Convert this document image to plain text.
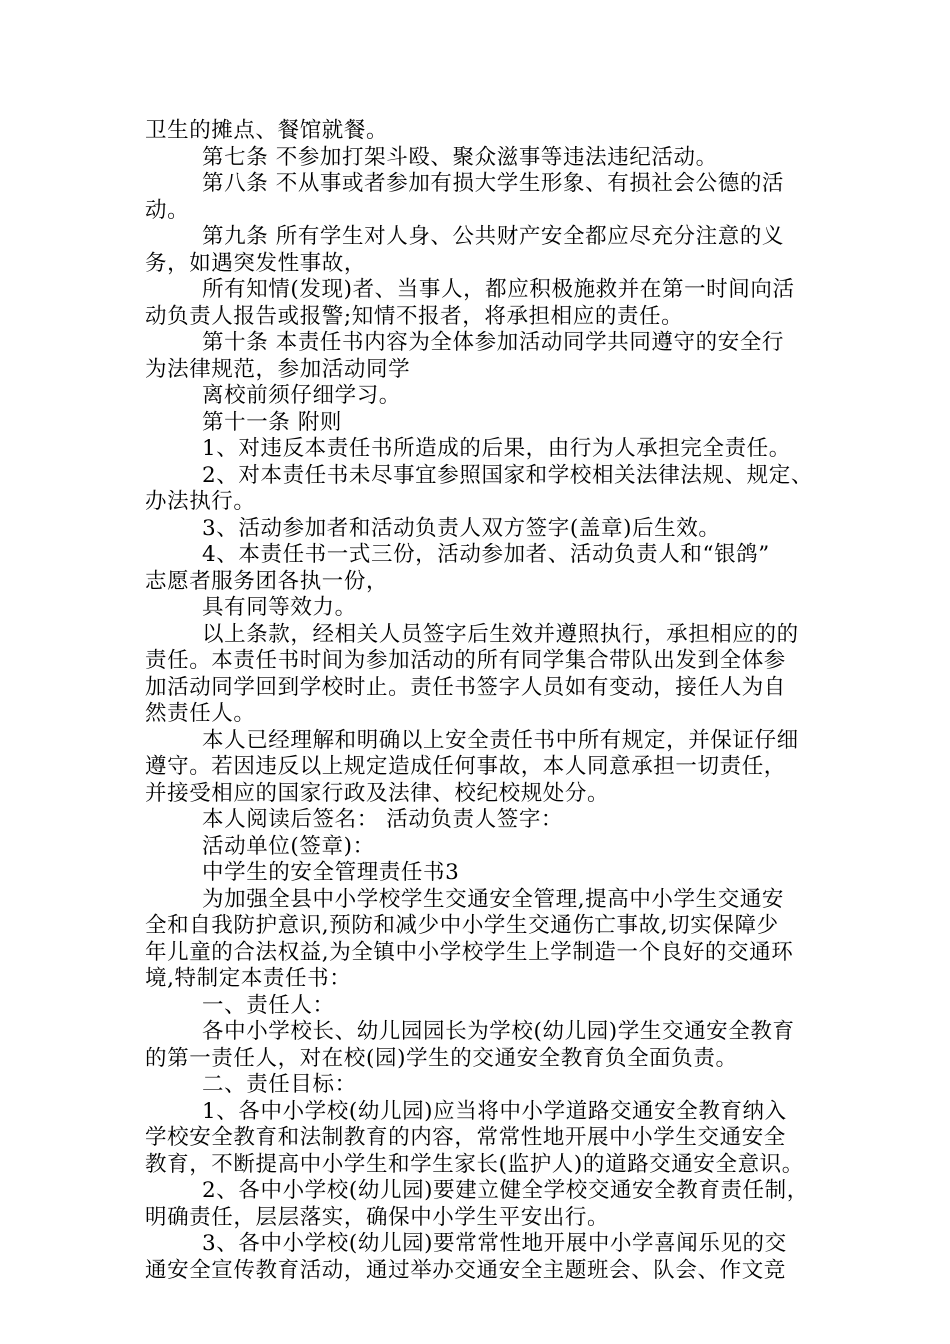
卫生的摊点、餐馆就餐。
第七条 不参加打架斗殴、聚众滋事等违法违纪活动。
第八条 不从事或者参加有损大学生形象、有损社会公德的活
动。
第九条 所有学生对人身、公共财产安全都应尽充分注意的义
务，如遇突发性事故，
所有知情(发现)者、当事人，都应积极施救并在第一时间向活
动负责人报告或报警;知情不报者，将承担相应的责任。
第十条 本责任书内容为全体参加活动同学共同遵守的安全行
为法律规范，参加活动同学
离校前须仔细学习。
第十一条 附则
1、对违反本责任书所造成的后果，由行为人承担完全责任。
2、对本责任书未尽事宜参照国家和学校相关法律法规、规定、
办法执行。
3、活动参加者和活动负责人双方签字(盖章)后生效。
4、本责任书一式三份，活动参加者、活动负责人和“银鸽”
志愿者服务团各执一份，
具有同等效力。
以上条款，经相关人员签字后生效并遵照执行，承担相应的的
责任。本责任书时间为参加活动的所有同学集合带队出发到全体参
加活动同学回到学校时止。责任书签字人员如有变动，接任人为自
然责任人。
本人已经理解和明确以上安全责任书中所有规定，并保证仔细
遵守。若因违反以上规定造成任何事故，本人同意承担一切责任，
并接受相应的国家行政及法律、校纪校规处分。
本人阅读后签名： 活动负责人签字：
活动单位(签章)：
中学生的安全管理责任书3
为加强全县中小学校学生交通安全管理,提高中小学生交通安
全和自我防护意识,预防和减少中小学生交通伤亡事故,切实保障少
年儿童的合法权益,为全镇中小学校学生上学制造一个良好的交通环
境,特制定本责任书：
一、责任人：
各中小学校长、幼儿园园长为学校(幼儿园)学生交通安全教育
的第一责任人，对在校(园)学生的交通安全教育负全面负责。
二、责任目标：
1、各中小学校(幼儿园)应当将中小学道路交通安全教育纳入
学校安全教育和法制教育的内容，常常性地开展中小学生交通安全
教育，不断提高中小学生和学生家长(监护人)的道路交通安全意识。
2、各中小学校(幼儿园)要建立健全学校交通安全教育责任制，
明确责任，层层落实，确保中小学生平安出行。
3、各中小学校(幼儿园)要常常性地开展中小学喜闻乐见的交
通安全宣传教育活动，通过举办交通安全主题班会、队会、作文竞
